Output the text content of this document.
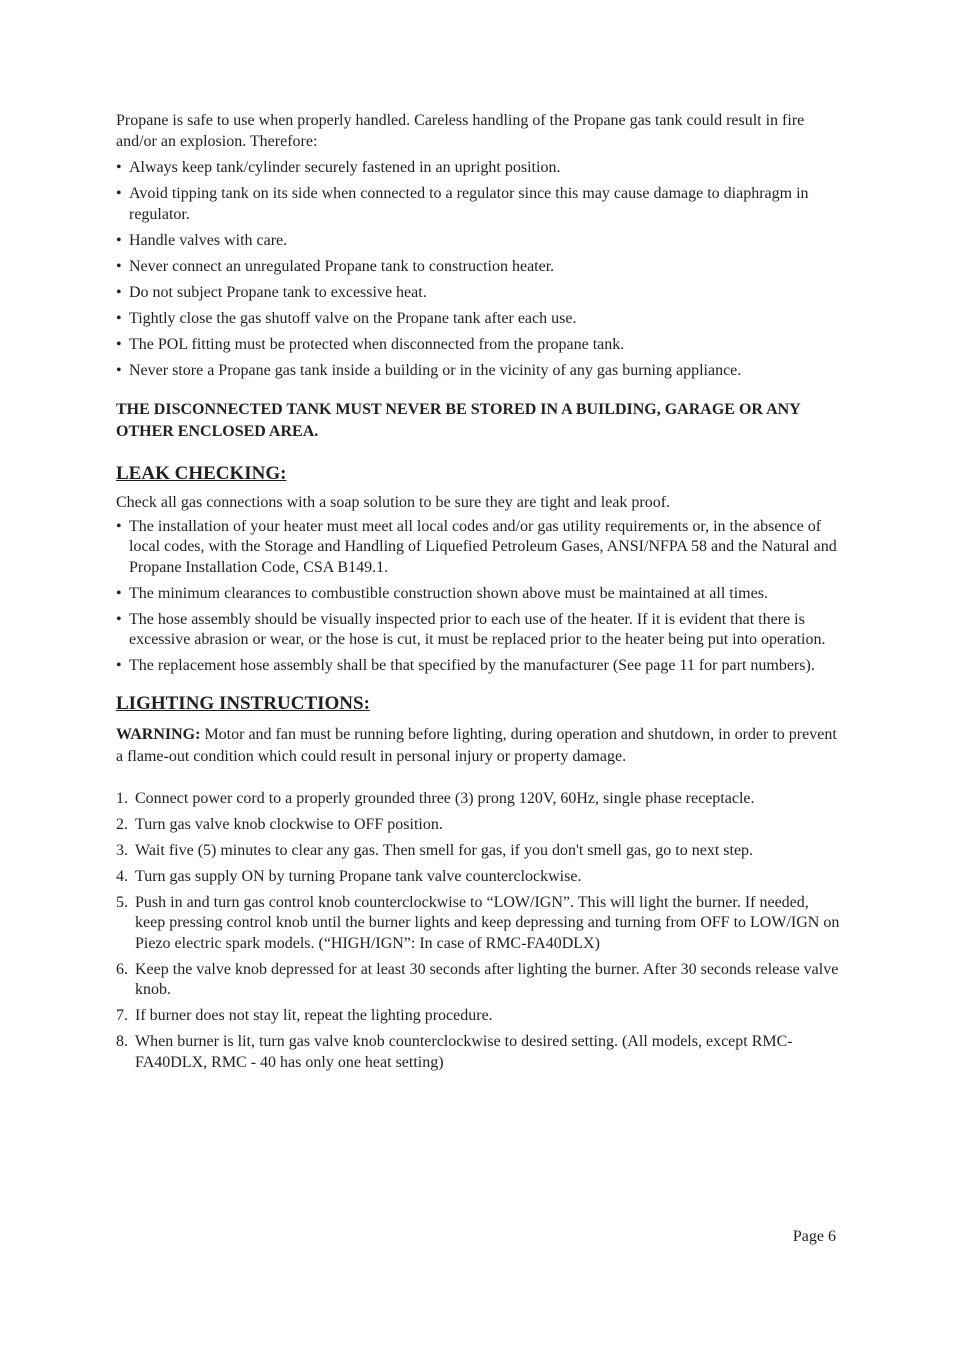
Propane is safe to use when properly handled. Careless handling of the Propane gas tank could result in fire and/or an explosion. Therefore:

• Always keep tank/cylinder securely fastened in an upright position.
• Avoid tipping tank on its side when connected to a regulator since this may cause damage to diaphragm in regulator.
• Handle valves with care.
• Never connect an unregulated Propane tank to construction heater.
• Do not subject Propane tank to excessive heat.
• Tightly close the gas shutoff valve on the Propane tank after each use.
• The POL fitting must be protected when disconnected from the propane tank.
• Never store a Propane gas tank inside a building or in the vicinity of any gas burning appliance.

THE DISCONNECTED TANK MUST NEVER BE STORED IN A BUILDING, GARAGE OR ANY OTHER ENCLOSED AREA.

LEAK CHECKING:

Check all gas connections with a soap solution to be sure they are tight and leak proof.

• The installation of your heater must meet all local codes and/or gas utility requirements or, in the absence of local codes, with the Storage and Handling of Liquefied Petroleum Gases, ANSI/NFPA 58 and the Natural and Propane Installation Code, CSA B149.1.
• The minimum clearances to combustible construction shown above must be maintained at all times.
• The hose assembly should be visually inspected prior to each use of the heater. If it is evident that there is excessive abrasion or wear, or the hose is cut, it must be replaced prior to the heater being put into operation.
• The replacement hose assembly shall be that specified by the manufacturer (See page 11 for part numbers).
LIGHTING INSTRUCTIONS:

WARNING: Motor and fan must be running before lighting, during operation and shutdown, in order to prevent a flame-out condition which could result in personal injury or property damage.

1. Connect power cord to a properly grounded three (3) prong 120V, 60Hz, single phase receptacle.
2. Turn gas valve knob clockwise to OFF position.
3. Wait five (5) minutes to clear any gas. Then smell for gas, if you don't smell gas, go to next step.
4. Turn gas supply ON by turning Propane tank valve counterclockwise.
5. Push in and turn gas control knob counterclockwise to “LOW/IGN”. This will light the burner. If needed, keep pressing control knob until the burner lights and keep depressing and turning from OFF to LOW/IGN on Piezo electric spark models. (“HIGH/IGN”: In case of RMC-FA40DLX)
6. Keep the valve knob depressed for at least 30 seconds after lighting the burner. After 30 seconds release valve knob.
7. If burner does not stay lit, repeat the lighting procedure.
8. When burner is lit, turn gas valve knob counterclockwise to desired setting. (All models, except RMC-FA40DLX, RMC - 40 has only one heat setting)
Page 6
